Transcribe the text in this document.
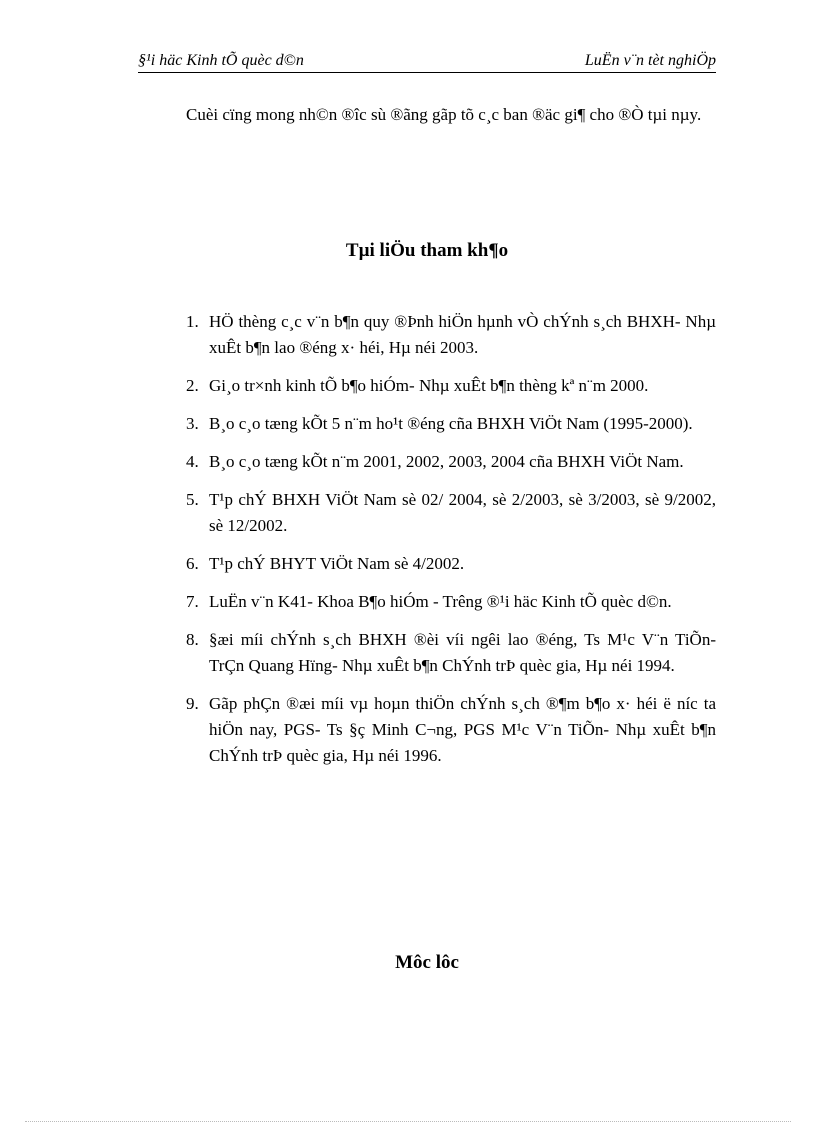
§¹i häc Kinh tÕ quèc d©n	LuËn v¨n tèt nghiÖp

Cuèi cïng mong nh©n ®îc sù ®ãng gãp tõ c¸c ban ®äc gi¶ cho ®Ò tµi nµy.

Tµi liÖu tham kh¶o
1. HÖ thèng c¸c v¨n b¶n quy ®Þnh hiÖn hµnh vÒ chÝnh s¸ch BHXH- Nhµ xuÊt b¶n lao ®éng x· héi, Hµ néi 2003.
2. Gi¸o tr×nh kinh tÕ b¶o hiÓm- Nhµ xuÊt b¶n thèng kª n¨m 2000.
3. B¸o c¸o tæng kÕt 5 n¨m ho¹t ®éng cña BHXH ViÖt Nam (1995-2000).
4. B¸o c¸o tæng kÕt n¨m 2001, 2002, 2003, 2004 cña BHXH ViÖt Nam.
5. T¹p chÝ BHXH ViÖt Nam sè 02/ 2004, sè 2/2003, sè 3/2003, sè 9/2002, sè 12/2002.
6. T¹p chÝ BHYT ViÖt Nam sè 4/2002.
7. LuËn v¨n K41- Khoa B¶o hiÓm - Trêng ®¹i häc Kinh tÕ quèc d©n.
8. §æi míi chÝnh s¸ch BHXH ®èi víi ngêi lao ®éng, Ts M¹c V¨n TiÕn- TrÇn Quang Hïng- Nhµ xuÊt b¶n ChÝnh trÞ quèc gia, Hµ néi 1994.
9. Gãp phÇn ®æi míi vµ hoµn thiÖn chÝnh s¸ch ®¶m b¶o x· héi ë níc ta hiÖn nay, PGS- Ts §ç Minh C¬ng, PGS M¹c V¨n TiÕn- Nhµ xuÊt b¶n ChÝnh trÞ quèc gia, Hµ néi 1996.
Môc lôc
